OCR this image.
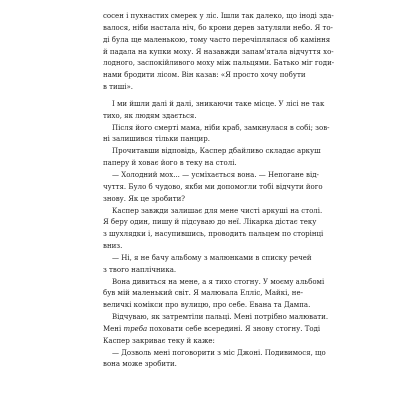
сосен і пухнастих смерек у ліс. Ішли так далеко, що іноді зда-
валося, ніби настала ніч, бо крони дерев затуляли небо. Я то-
ді була ще маленькою, тому часто перечіплялася об каміння
й падала на купки моху. Я назавжди запам'ятала відчуття хо-
лодного, заспокійливого моху між пальцями. Батько міг годи-
нами бродити лісом. Він казав: «Я просто хочу побути
в тиші».
І ми йшли далі й далі, зникаючи таке місце. У лісі не так
тихо, як людям здається.
Після його смерті мама, ніби краб, замкнулася в собі; зов-
ні залишився тільки панцир.
Прочитавши відповідь, Каспер дбайливо складає аркуш
паперу й ховає його в теку на столі.
— Холодний мох... — усміхається вона. — Непогане від-
чуття. Було б чудово, якби ми допомогли тобі відчути його
знову. Як це зробити?
Каспер завжди залишає для мене чисті аркуші на столі.
Я беру один, пишу й підсуваю до неї. Лікарка дістає теку
з шухлядки і, насупившись, проводить пальцем по сторінці
вниз.
— Ні, я не бачу альбому з малюнками в списку речей
з твого наплічника.
Вона дивиться на мене, а я тихо стогну. У моєму альбомі
був мій маленький світ. Я малювала Елліс, Майкі, не-
величкі комікси про вулицю, про себе. Евана та Дампа.
Відчуваю, як затремтіли пальці. Мені потрібно малювати.
Мені треба поховати себе всередині. Я знову стогну. Тоді
Каспер закриває теку й каже:
— Дозволь мені поговорити з міс Джоні. Подивимося, що
вона може зробити.
